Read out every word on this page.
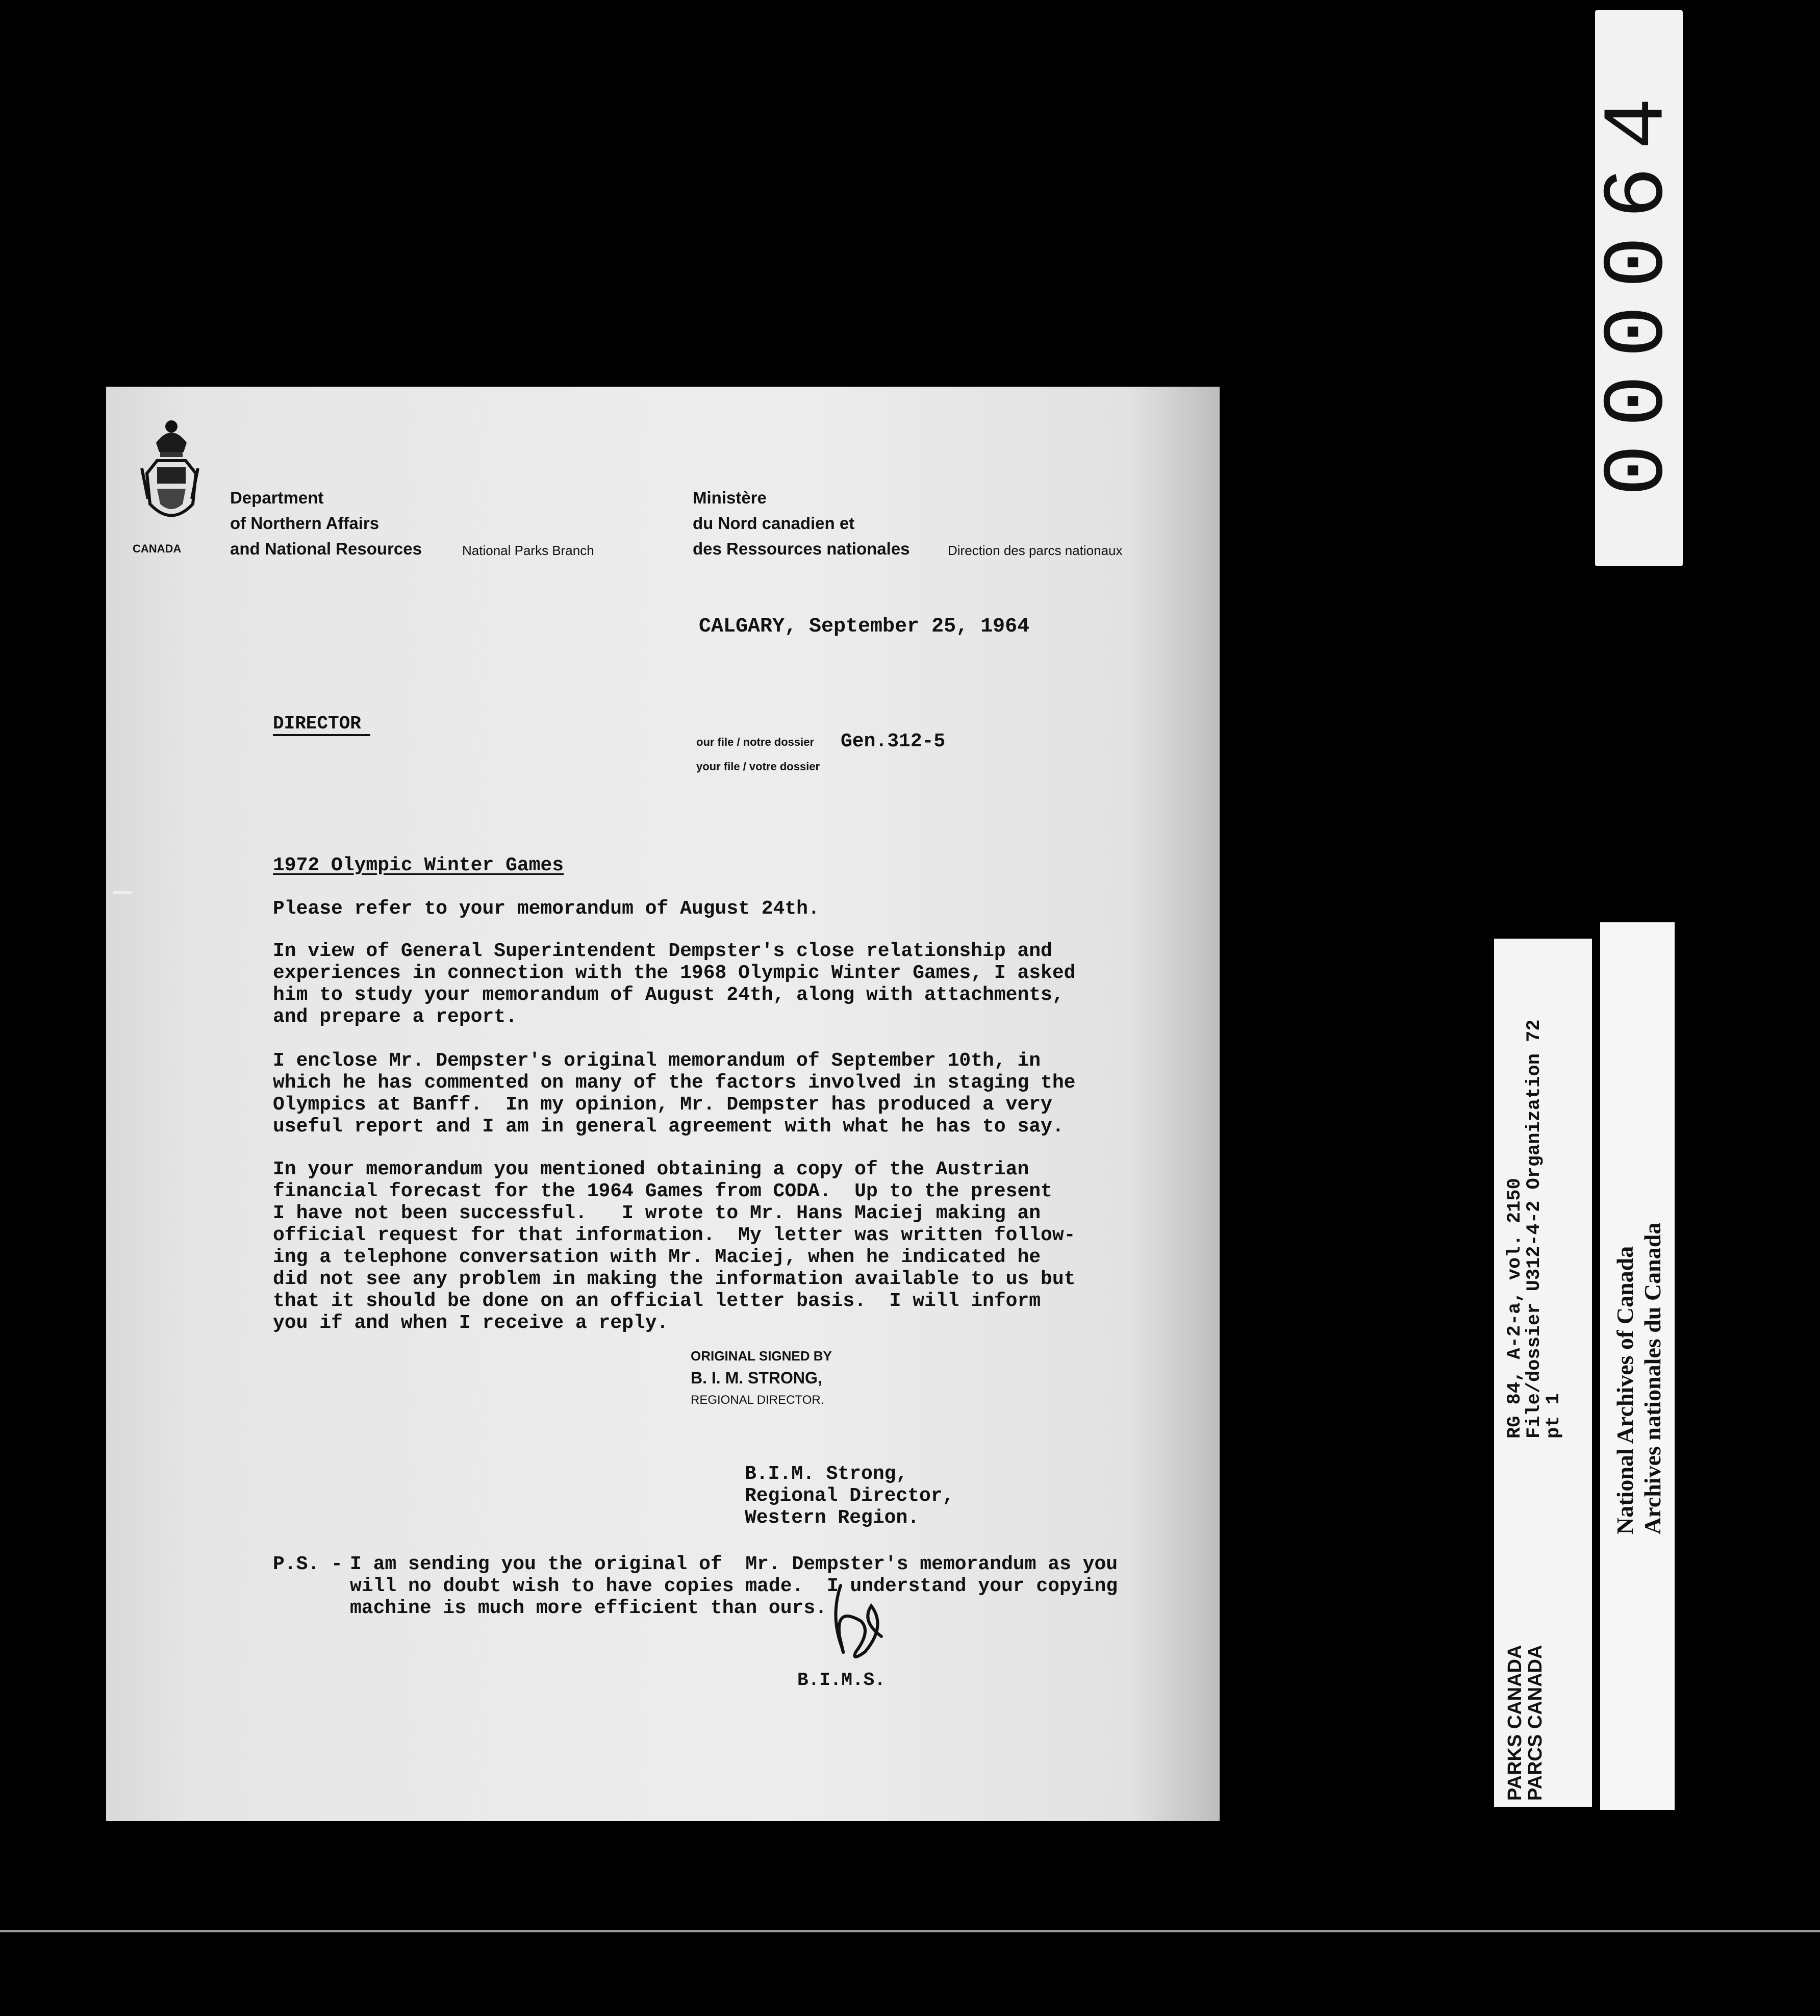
CANADA
Department
of Northern Affairs
and National Resources	National Parks Branch
Ministère
du Nord canadien et
des Ressources nationales	Direction des parcs nationaux
CALGARY, September 25, 1964
DIRECTOR
our file / notre dossier Gen.312-5
your file / votre dossier
1972 Olympic Winter Games
Please refer to your memorandum of August 24th.
In view of General Superintendent Dempster's close relationship and
experiences in connection with the 1968 Olympic Winter Games, I asked
him to study your memorandum of August 24th, along with attachments,
and prepare a report.
I enclose Mr. Dempster's original memorandum of September 10th, in
which he has commented on many of the factors involved in staging the
Olympics at Banff.  In my opinion, Mr. Dempster has produced a very
useful report and I am in general agreement with what he has to say.
In your memorandum you mentioned obtaining a copy of the Austrian
financial forecast for the 1964 Games from CODA.  Up to the present
I have not been successful.   I wrote to Mr. Hans Maciej making an
official request for that information.  My letter was written follow-
ing a telephone conversation with Mr. Maciej, when he indicated he
did not see any problem in making the information available to us but
that it should be done on an official letter basis.  I will inform
you if and when I receive a reply.
ORIGINAL SIGNED BY
B. I. M. STRONG,
REGIONAL DIRECTOR.
B.I.M. Strong,
Regional Director,
Western Region.
P.S. - I am sending you the original of  Mr. Dempster's memorandum as you
will no doubt wish to have copies made.  I understand your copying
machine is much more efficient than ours.
B.I.M.S.
000064
RG 84, A-2-a, vol. 2150
File/dossier U312-4-2 Organization 72
pt 1
PARKS CANADA
PARCS CANADA
National Archives of Canada Archives nationales du Canada
